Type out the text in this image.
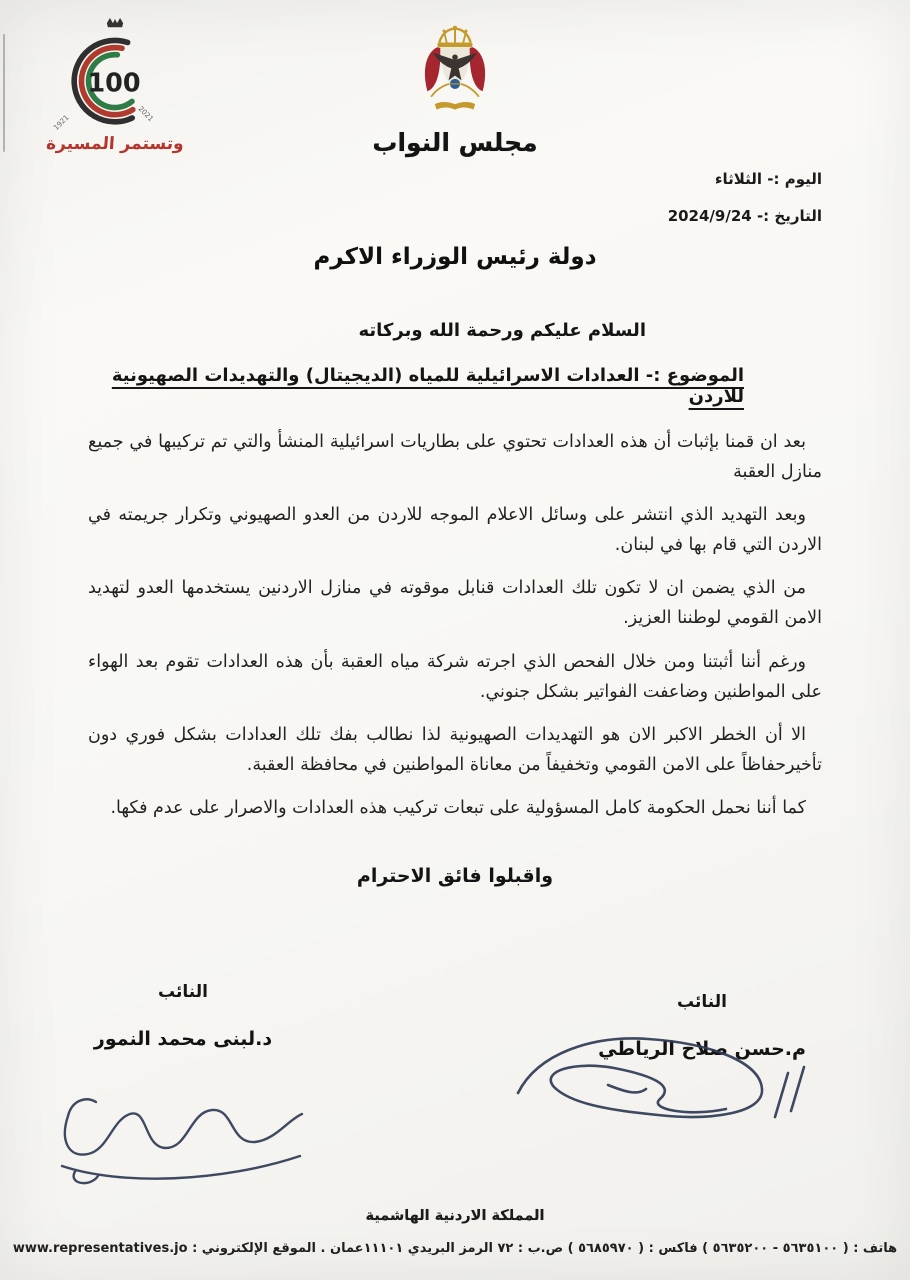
100
1921	2021
وتستمر المسيرة	مجلس النواب
اليوم :- الثلاثاء
التاريخ :- 2024/9/24
دولة رئيس الوزراء الاكرم
السلام عليكم ورحمة الله وبركاته
الموضوع :- العدادات الاسرائيلية للمياه (الديجيتال) والتهديدات الصهيونية للاردن

بعد ان قمنا بإثبات أن هذه العدادات تحتوي على بطاريات اسرائيلية المنشأ والتي تم تركيبها في جميع منازل العقبة

وبعد التهديد الذي انتشر على وسائل الاعلام الموجه للاردن من العدو الصهيوني وتكرار جريمته في الاردن التي قام بها في لبنان.

من الذي يضمن ان لا تكون تلك العدادات قنابل موقوته في منازل الاردنين يستخدمها العدو لتهديد الامن القومي لوطننا العزيز.

ورغم أننا أثبتنا ومن خلال الفحص الذي اجرته شركة مياه العقبة بأن هذه العدادات تقوم بعد الهواء على المواطنين وضاعفت الفواتير بشكل جنوني.

الا أن الخطر الاكبر الان هو التهديدات الصهيونية لذا نطالب بفك تلك العدادات بشكل فوري دون تأخيرحفاظاً على الامن القومي وتخفيفاً من معاناة المواطنين في محافظة العقبة.

كما أننا نحمل الحكومة كامل المسؤولية على تبعات تركيب هذه العدادات والاصرار على عدم فكها.

واقبلوا فائق الاحترام
النائب
م.حسن صلاح الرياطي
النائب
د.لبنى محمد النمور
المملكة الاردنية الهاشمية
هاتف : ( ٥٦٣٥١٠٠ - ٥٦٣٥٢٠٠ ) فاكس : ( ٥٦٨٥٩٧٠ ) ص.ب : ٧٢ الرمز البريدي ١١١٠١عمان . الموقع الإلكتروني : www.representatives.jo
